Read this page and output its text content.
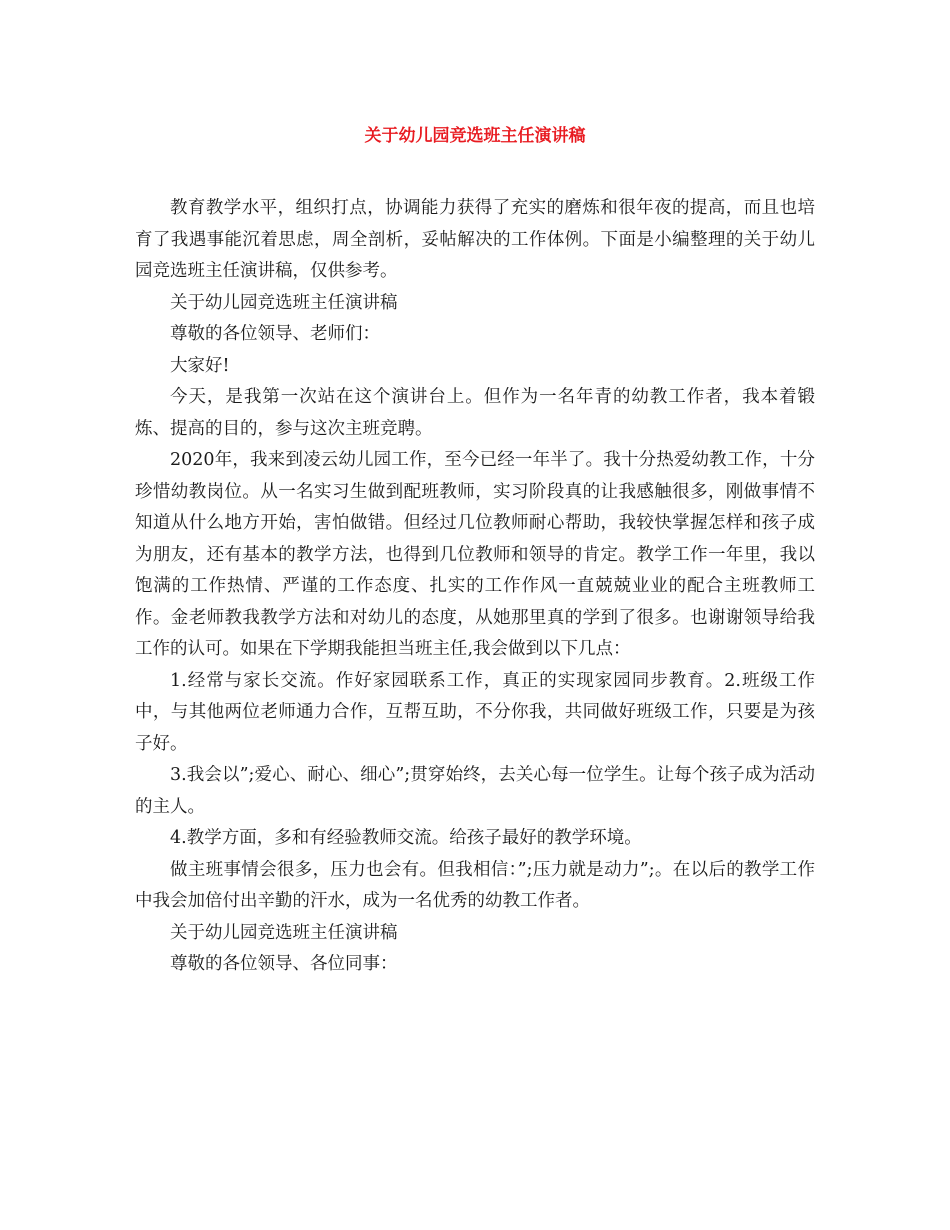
关于幼儿园竞选班主任演讲稿

教育教学水平，组织打点，协调能力获得了充实的磨炼和很年夜的提高，而且也培育了我遇事能沉着思虑，周全剖析，妥帖解决的工作体例。下面是小编整理的关于幼儿园竞选班主任演讲稿，仅供参考。

关于幼儿园竞选班主任演讲稿

尊敬的各位领导、老师们：

大家好!

今天，是我第一次站在这个演讲台上。但作为一名年青的幼教工作者，我本着锻炼、提高的目的，参与这次主班竞聘。

2020年，我来到凌云幼儿园工作，至今已经一年半了。我十分热爱幼教工作，十分珍惜幼教岗位。从一名实习生做到配班教师，实习阶段真的让我感触很多，刚做事情不知道从什么地方开始，害怕做错。但经过几位教师耐心帮助，我较快掌握怎样和孩子成为朋友，还有基本的教学方法，也得到几位教师和领导的肯定。教学工作一年里，我以饱满的工作热情、严谨的工作态度、扎实的工作作风一直兢兢业业的配合主班教师工作。金老师教我教学方法和对幼儿的态度，从她那里真的学到了很多。也谢谢领导给我工作的认可。如果在下学期我能担当班主任,我会做到以下几点：

1.经常与家长交流。作好家园联系工作，真正的实现家园同步教育。2.班级工作中，与其他两位老师通力合作，互帮互助，不分你我，共同做好班级工作，只要是为孩子好。

3.我会以”;爱心、耐心、细心”;贯穿始终，去关心每一位学生。让每个孩子成为活动的主人。

4.教学方面，多和有经验教师交流。给孩子最好的教学环境。

做主班事情会很多，压力也会有。但我相信：”;压力就是动力”;。在以后的教学工作中我会加倍付出辛勤的汗水，成为一名优秀的幼教工作者。

关于幼儿园竞选班主任演讲稿

尊敬的各位领导、各位同事：
